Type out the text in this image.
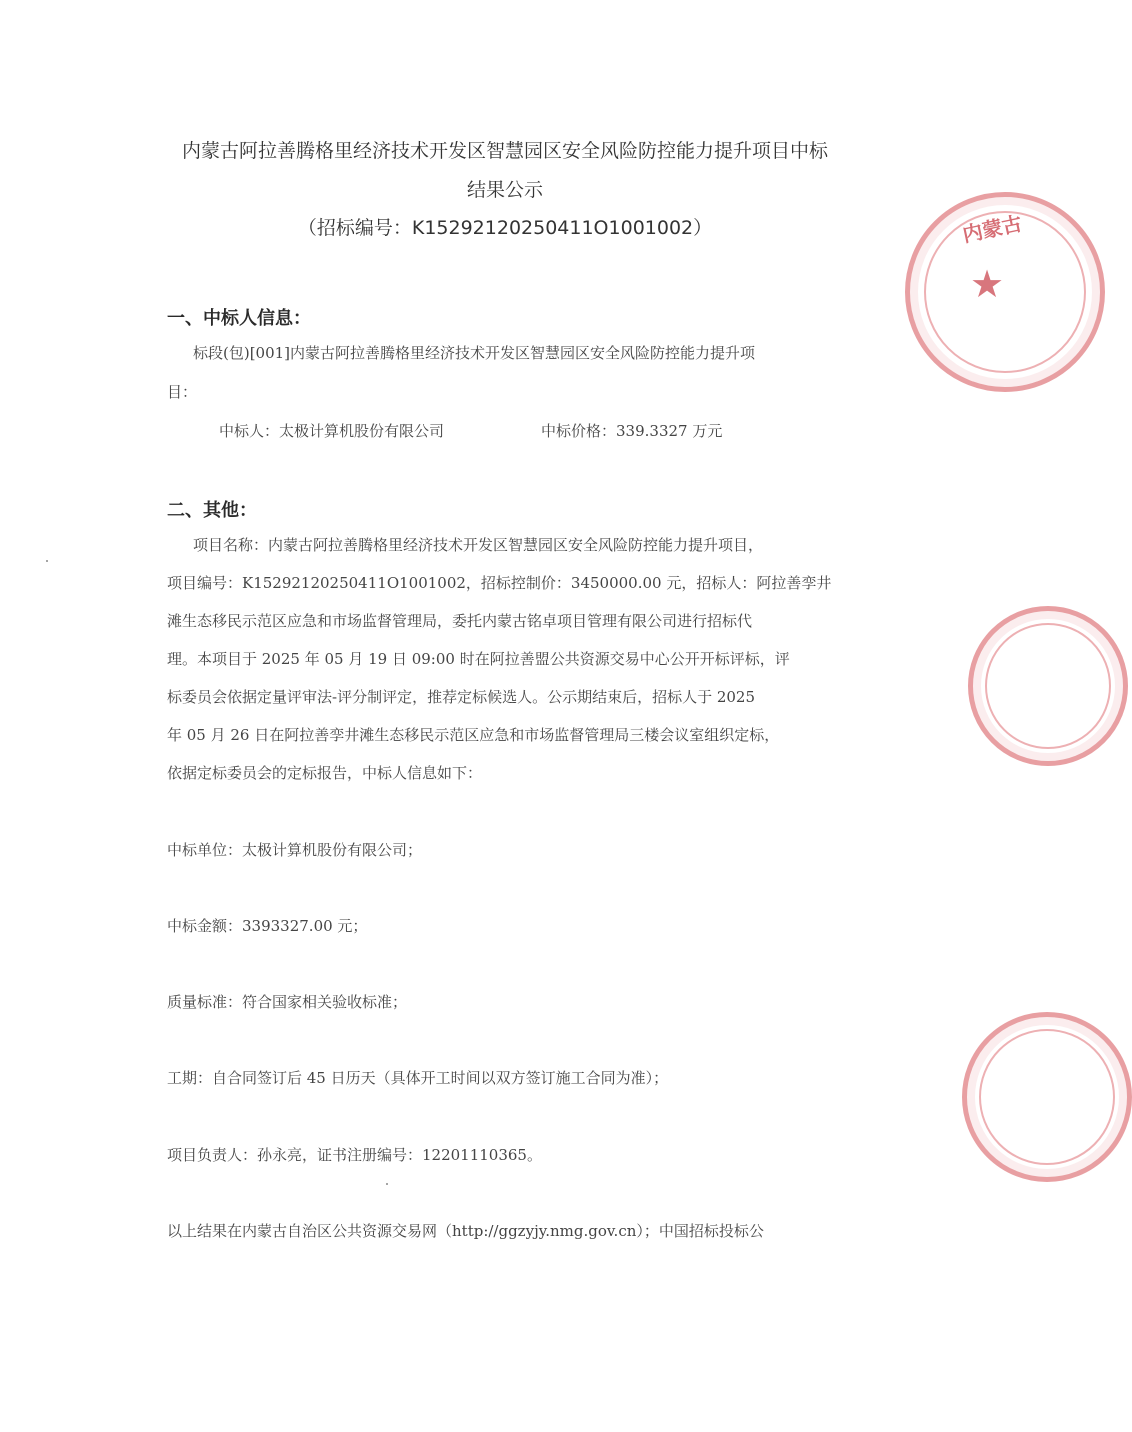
内蒙古阿拉善腾格里经济技术开发区智慧园区安全风险防控能力提升项目中标
结果公示
（招标编号：K15292120250411O1001002）
一、中标人信息：
标段(包)[001]内蒙古阿拉善腾格里经济技术开发区智慧园区安全风险防控能力提升项
目：
中标人：太极计算机股份有限公司	中标价格：339.3327 万元
二、其他：
项目名称：内蒙古阿拉善腾格里经济技术开发区智慧园区安全风险防控能力提升项目，
项目编号：K15292120250411O1001002，招标控制价：3450000.00 元，招标人：阿拉善孪井
滩生态移民示范区应急和市场监督管理局，委托内蒙古铭卓项目管理有限公司进行招标代
理。本项目于 2025 年 05 月 19 日 09:00 时在阿拉善盟公共资源交易中心公开开标评标，评
标委员会依据定量评审法-评分制评定，推荐定标候选人。公示期结束后，招标人于 2025
年 05 月 26 日在阿拉善孪井滩生态移民示范区应急和市场监督管理局三楼会议室组织定标，
依据定标委员会的定标报告，中标人信息如下：
中标单位：太极计算机股份有限公司；
中标金额：3393327.00 元；
质量标准：符合国家相关验收标准；
工期：自合同签订后 45 日历天（具体开工时间以双方签订施工合同为准）；
项目负责人：孙永亮，证书注册编号：12201110365。
以上结果在内蒙古自治区公共资源交易网（http://ggzyjy.nmg.gov.cn）；中国招标投标公
★
内蒙古
